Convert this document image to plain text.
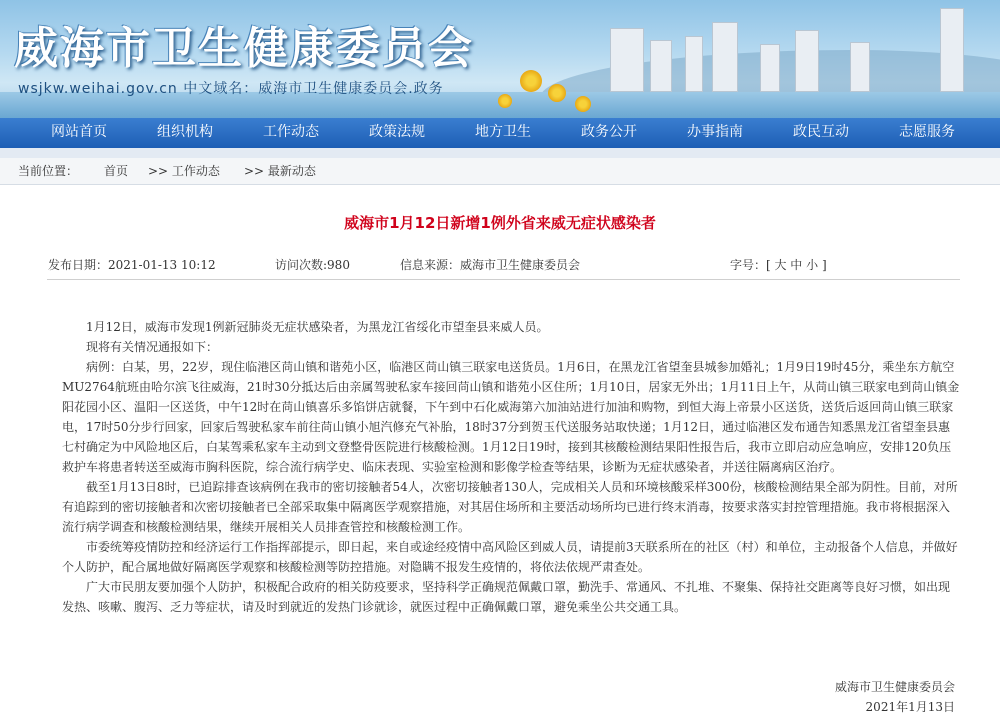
威海市卫生健康委员会
wsjkw.weihai.gov.cn 中文域名：威海市卫生健康委员会.政务
网站首页	组织机构	工作动态	政策法规	地方卫生	政务公开	办事指南	政民互动	志愿服务
当前位置： 首页 >> 工作动态 >> 最新动态
威海市1月12日新增1例外省来威无症状感染者
发布日期：2021-01-13 10:12	访问次数:980	信息来源：威海市卫生健康委员会	字号：[ 大 中 小 ]

1月12日，威海市发现1例新冠肺炎无症状感染者，为黑龙江省绥化市望奎县来威人员。

现将有关情况通报如下：

病例：白某，男，22岁，现住临港区苘山镇和谐苑小区，临港区苘山镇三联家电送货员。1月6日，在黑龙江省望奎县城参加婚礼；1月9日19时45分，乘坐东方航空MU2764航班由哈尔滨飞往威海，21时30分抵达后由亲属驾驶私家车接回苘山镇和谐苑小区住所；1月10日，居家无外出；1月11日上午，从苘山镇三联家电到苘山镇金阳花园小区、温阳一区送货，中午12时在苘山镇喜乐多馅饼店就餐，下午到中石化威海第六加油站进行加油和购物，到恒大海上帝景小区送货，送货后返回苘山镇三联家电，17时50分步行回家，回家后驾驶私家车前往苘山镇小旭汽修充气补胎，18时37分到贺玉代送服务站取快递；1月12日，通过临港区发布通告知悉黑龙江省望奎县惠七村确定为中风险地区后，白某驾乘私家车主动到文登整骨医院进行核酸检测。1月12日19时，接到其核酸检测结果阳性报告后，我市立即启动应急响应，安排120负压救护车将患者转送至威海市胸科医院，综合流行病学史、临床表现、实验室检测和影像学检查等结果，诊断为无症状感染者，并送往隔离病区治疗。

截至1月13日8时，已追踪排查该病例在我市的密切接触者54人，次密切接触者130人，完成相关人员和环境核酸采样300份，核酸检测结果全部为阴性。目前，对所有追踪到的密切接触者和次密切接触者已全部采取集中隔离医学观察措施，对其居住场所和主要活动场所均已进行终末消毒，按要求落实封控管理措施。我市将根据深入流行病学调查和核酸检测结果，继续开展相关人员排查管控和核酸检测工作。

市委统筹疫情防控和经济运行工作指挥部提示，即日起，来自或途经疫情中高风险区到威人员，请提前3天联系所在的社区（村）和单位，主动报备个人信息，并做好个人防护，配合属地做好隔离医学观察和核酸检测等防控措施。对隐瞒不报发生疫情的，将依法依规严肃查处。

广大市民朋友要加强个人防护，积极配合政府的相关防疫要求，坚持科学正确规范佩戴口罩，勤洗手、常通风、不扎堆、不聚集、保持社交距离等良好习惯，如出现发热、咳嗽、腹泻、乏力等症状，请及时到就近的发热门诊就诊，就医过程中正确佩戴口罩，避免乘坐公共交通工具。

威海市卫生健康委员会
2021年1月13日
